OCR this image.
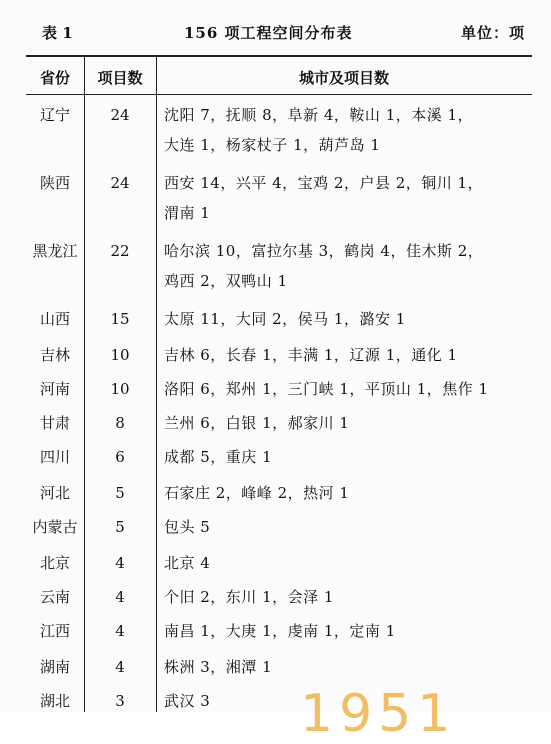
表 1	156 项工程空间分布表	单位：项
省份	项目数	城市及项目数
辽宁	24	沈阳 7，抚顺 8，阜新 4，鞍山 1，本溪 1，
大连 1，杨家杖子 1，葫芦岛 1
陕西	24	西安 14，兴平 4，宝鸡 2，户县 2，铜川 1，
渭南 1
黑龙江	22	哈尔滨 10，富拉尔基 3，鹤岗 4，佳木斯 2，
鸡西 2，双鸭山 1
山西	15	太原 11，大同 2，侯马 1，潞安 1
吉林	10	吉林 6，长春 1，丰满 1，辽源 1，通化 1
河南	10	洛阳 6，郑州 1，三门峡 1，平顶山 1，焦作 1
甘肃	8	兰州 6，白银 1，郝家川 1
四川	6	成都 5，重庆 1
河北	5	石家庄 2，峰峰 2，热河 1
内蒙古	5	包头 5
北京	4	北京 4
云南	4	个旧 2，东川 1，会泽 1
江西	4	南昌 1，大庚 1，虔南 1，定南 1
湖南	4	株洲 3，湘潭 1
湖北	3	武汉 3	1951
